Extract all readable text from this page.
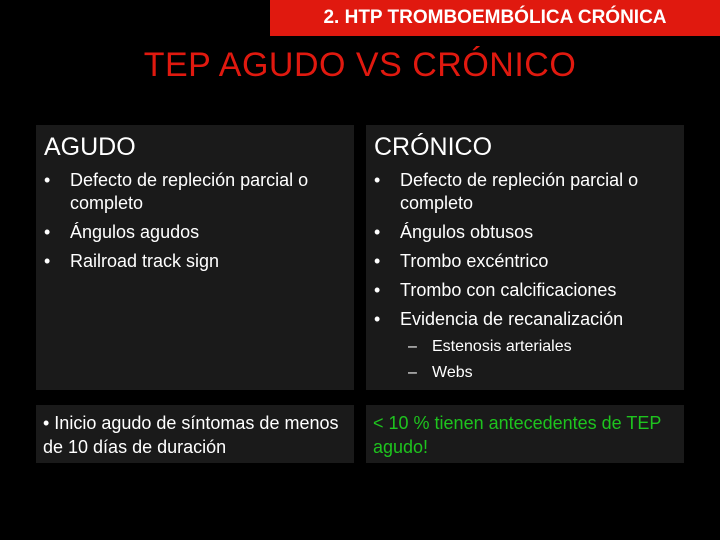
2. HTP TROMBOEMBÓLICA CRÓNICA
TEP AGUDO VS CRÓNICO
AGUDO
• Defecto de repleción parcial o completo
• Ángulos agudos
• Railroad track sign
CRÓNICO
• Defecto de repleción parcial o completo
• Ángulos obtusos
• Trombo excéntrico
• Trombo con calcificaciones
• Evidencia de recanalización
– Estenosis arteriales
– Webs
• Inicio agudo de síntomas de menos de 10 días de duración
< 10 % tienen antecedentes de TEP agudo!
